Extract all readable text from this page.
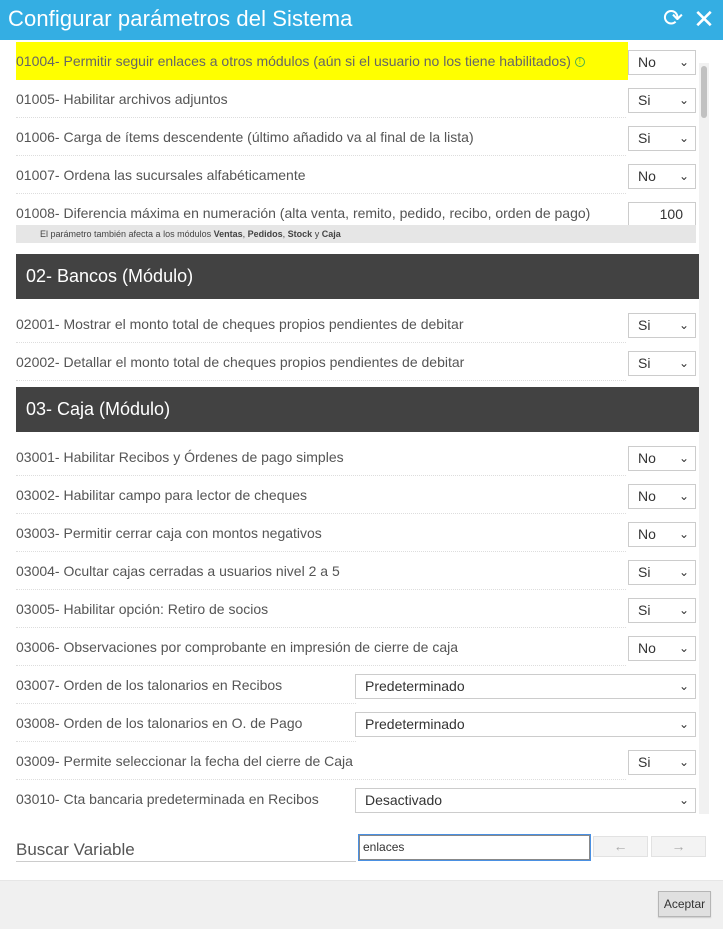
Configurar parámetros del Sistema	⟳ ✕
01004- Permitir seguir enlaces a otros módulos (aún si el usuario no los tiene habilitados) !	No ⌄
01005- Habilitar archivos adjuntos	Si ⌄
01006- Carga de ítems descendente (último añadido va al final de la lista)	Si ⌄
01007- Ordena las sucursales alfabéticamente	No ⌄
01008- Diferencia máxima en numeración (alta venta, remito, pedido, recibo, orden de pago)	100
El parámetro también afecta a los módulos Ventas, Pedidos, Stock y Caja
02- Bancos (Módulo)
02001- Mostrar el monto total de cheques propios pendientes de debitar	Si ⌄
02002- Detallar el monto total de cheques propios pendientes de debitar	Si ⌄
03- Caja (Módulo)
03001- Habilitar Recibos y Órdenes de pago simples	No ⌄
03002- Habilitar campo para lector de cheques	No ⌄
03003- Permitir cerrar caja con montos negativos	No ⌄
03004- Ocultar cajas cerradas a usuarios nivel 2 a 5	Si ⌄
03005- Habilitar opción: Retiro de socios	Si ⌄
03006- Observaciones por comprobante en impresión de cierre de caja	No ⌄
03007- Orden de los talonarios en Recibos	Predeterminado	⌄
03008- Orden de los talonarios en O. de Pago	Predeterminado	⌄
03009- Permite seleccionar la fecha del cierre de Caja	Si ⌄
03010- Cta bancaria predeterminada en Recibos	Desactivado	⌄
Buscar Variable	enlaces	←	→
Aceptar
